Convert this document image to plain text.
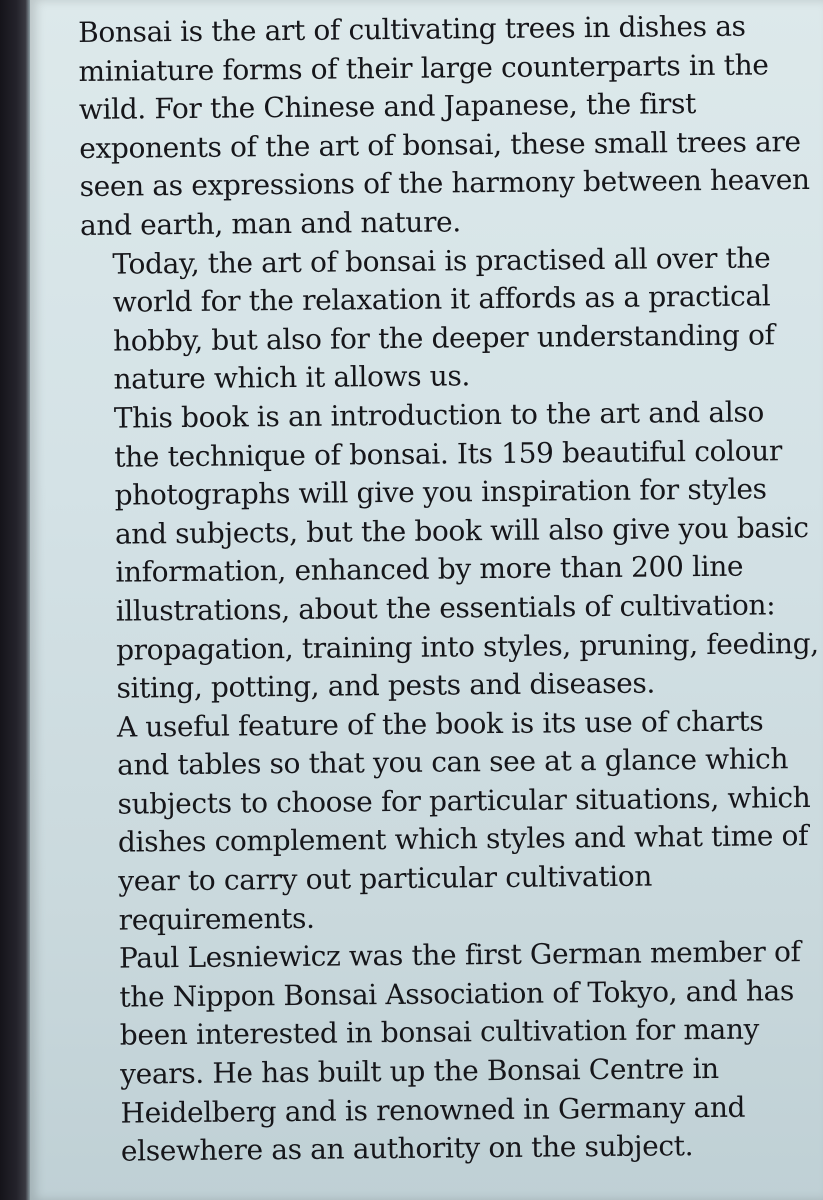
Bonsai is the art of cultivating trees in dishes as
miniature forms of their large counterparts in the
wild. For the Chinese and Japanese, the first
exponents of the art of bonsai, these small trees are
seen as expressions of the harmony between heaven
and earth, man and nature.

Today, the art of bonsai is practised all over the
world for the relaxation it affords as a practical
hobby, but also for the deeper understanding of
nature which it allows us.

This book is an introduction to the art and also
the technique of bonsai. Its 159 beautiful colour
photographs will give you inspiration for styles
and subjects, but the book will also give you basic
information, enhanced by more than 200 line
illustrations, about the essentials of cultivation:
propagation, training into styles, pruning, feeding,
siting, potting, and pests and diseases.

A useful feature of the book is its use of charts
and tables so that you can see at a glance which
subjects to choose for particular situations, which
dishes complement which styles and what time of
year to carry out particular cultivation
requirements.

Paul Lesniewicz was the first German member of
the Nippon Bonsai Association of Tokyo, and has
been interested in bonsai cultivation for many
years. He has built up the Bonsai Centre in
Heidelberg and is renowned in Germany and
elsewhere as an authority on the subject.
